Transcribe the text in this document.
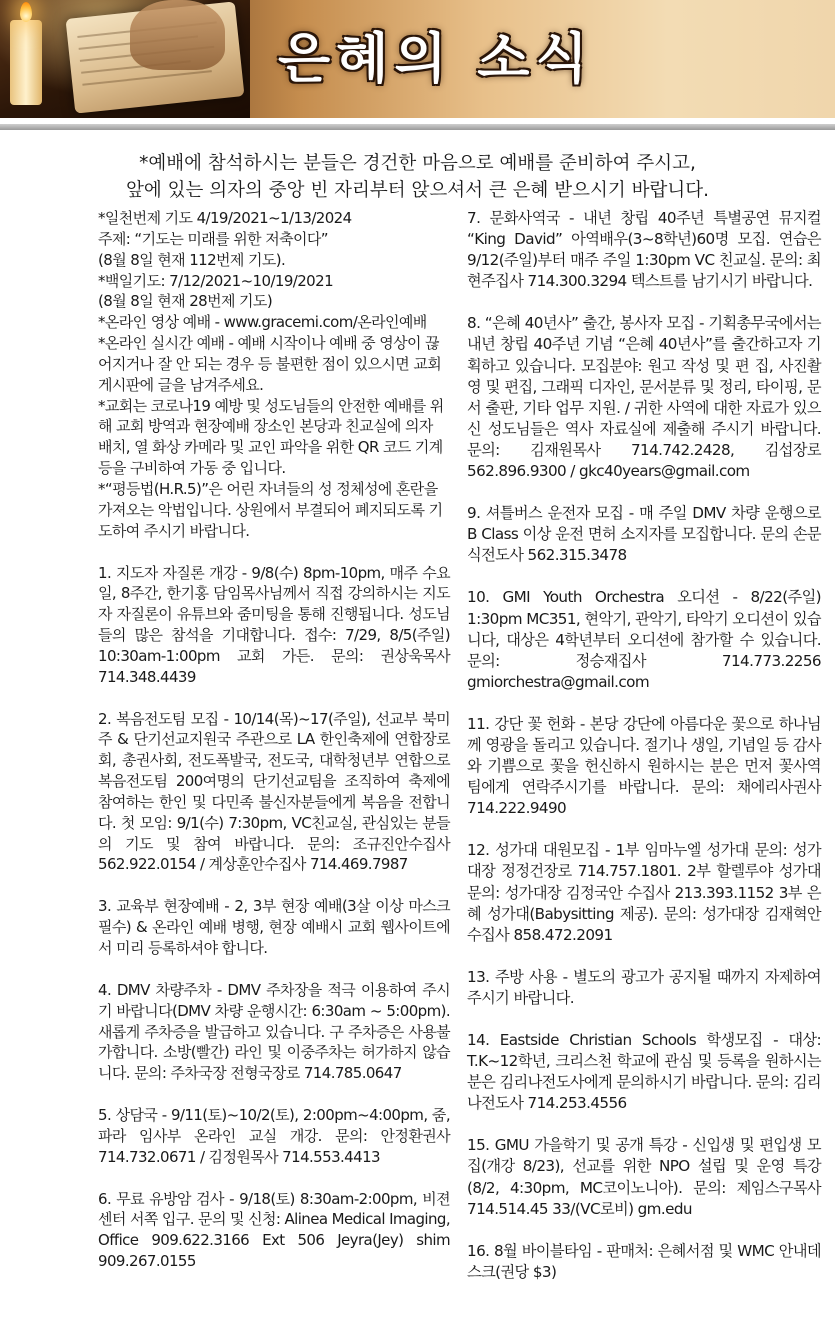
은혜의 소식
*예배에 참석하시는 분들은 경건한 마음으로 예배를 준비하여 주시고,
앞에 있는 의자의 중앙 빈 자리부터 앉으셔서 큰 은혜 받으시기 바랍니다.
*일천번제 기도 4/19/2021~1/13/2024
주제: “기도는 미래를 위한 저축이다”
(8월 8일 현재 112번제 기도).
*백일기도: 7/12/2021~10/19/2021
(8월 8일 현재 28번제 기도)
*온라인 영상 예배 - www.gracemi.com/온라인예배
*온라인 실시간 예배 - 예배 시작이나 예배 중 영상이 끊어지거나 잘 안 되는 경우 등 불편한 점이 있으시면 교회 게시판에 글을 남겨주세요.
*교회는 코로나19 예방 및 성도님들의 안전한 예배를 위해 교회 방역과 현장예배 장소인 본당과 친교실에 의자 배치, 열 화상 카메라 및 교인 파악을 위한 QR 코드 기계 등을 구비하여 가동 중 입니다.
*“평등법(H.R.5)”은 어린 자녀들의 성 정체성에 혼란을 가져오는 악법입니다. 상원에서 부결되어 폐지되도록 기도하여 주시기 바랍니다.

1. 지도자 자질론 개강 - 9/8(수) 8pm-10pm, 매주 수요일, 8주간, 한기홍 담임목사님께서 직접 강의하시는 지도자 자질론이 유튜브와 줌미팅을 통해 진행됩니다. 성도님들의 많은 참석을 기대합니다. 접수: 7/29, 8/5(주일) 10:30am-1:00pm 교회 가든. 문의: 권상욱목사 714.348.4439

2. 복음전도팀 모집 - 10/14(목)~17(주일), 선교부 북미주 & 단기선교지원국 주관으로 LA 한인축제에 연합장로회, 총권사회, 전도폭발국, 전도국, 대학청년부 연합으로 복음전도팀 200여명의 단기선교팀을 조직하여 축제에 참여하는 한인 및 다민족 불신자분들에게 복음을 전합니다. 첫 모임: 9/1(수) 7:30pm, VC친교실, 관심있는 분들의 기도 및 참여 바랍니다. 문의: 조규진안수집사 562.922.0154 / 계상훈안수집사 714.469.7987

3. 교육부 현장예배 - 2, 3부 현장 예배(3살 이상 마스크 필수) & 온라인 예배 병행, 현장 예배시 교회 웹사이트에서 미리 등록하셔야 합니다.

4. DMV 차량주차 - DMV 주차장을 적극 이용하여 주시기 바랍니다(DMV 차량 운행시간: 6:30am ~ 5:00pm). 새롭게 주차증을 발급하고 있습니다. 구 주차증은 사용불가합니다. 소방(빨간) 라인 및 이중주차는 허가하지 않습니다. 문의: 주차국장 전형국장로 714.785.0647

5. 상담국 - 9/11(토)~10/2(토), 2:00pm~4:00pm, 줌, 파라 임사부 온라인 교실 개강. 문의: 안정환권사 714.732.0671 / 김정원목사 714.553.4413

6. 무료 유방암 검사 - 9/18(토) 8:30am-2:00pm, 비젼센터 서쪽 입구. 문의 및 신청: Alinea Medical Imaging, Office 909.622.3166 Ext 506 Jeyra(Jey) shim 909.267.0155

7. 문화사역국 - 내년 창립 40주년 특별공연 뮤지컬 “King David” 아역배우(3~8학년)60명 모집. 연습은 9/12(주일)부터 매주 주일 1:30pm VC 친교실. 문의: 최현주집사 714.300.3294 텍스트를 남기시기 바랍니다.

8. “은혜 40년사” 출간, 봉사자 모집 - 기획총무국에서는 내년 창립 40주년 기념 “은혜 40년사”를 출간하고자 기획하고 있습니다. 모집분야: 원고 작성 및 편 집, 사진촬영 및 편집, 그래픽 디자인, 문서분류 및 정리, 타이핑, 문서 출판, 기타 업무 지원. / 귀한 사역에 대한 자료가 있으신 성도님들은 역사 자료실에 제출해 주시기 바랍니다. 문의: 김재원목사 714.742.2428, 김섭장로 562.896.9300 / gkc40years@gmail.com

9. 셔틀버스 운전자 모집 - 매 주일 DMV 차량 운행으로 B Class 이상 운전 면허 소지자를 모집합니다. 문의 손문식전도사 562.315.3478

10. GMI Youth Orchestra 오디션 - 8/22(주일) 1:30pm MC351, 현악기, 관악기, 타악기 오디션이 있습니다, 대상은 4학년부터 오디션에 참가할 수 있습니다. 문의: 정승재집사 714.773.2256 gmiorchestra@gmail.com

11. 강단 꽃 헌화 - 본당 강단에 아름다운 꽃으로 하나님께 영광을 돌리고 있습니다. 절기나 생일, 기념일 등 감사와 기쁨으로 꽃을 헌신하시 원하시는 분은 먼저 꽃사역 팀에게 연락주시기를 바랍니다. 문의: 채에리사권사 714.222.9490

12. 성가대 대원모집 - 1부 임마누엘 성가대 문의: 성가대장 정정건장로 714.757.1801. 2부 할렐루야 성가대 문의: 성가대장 김정국안 수집사 213.393.1152 3부 은혜 성가대(Babysitting 제공). 문의: 성가대장 김재혁안수집사 858.472.2091

13. 주방 사용 - 별도의 광고가 공지될 때까지 자제하여 주시기 바랍니다.

14. Eastside Christian Schools 학생모집 - 대상: T.K~12학년, 크리스천 학교에 관심 및 등록을 원하시는 분은 김리나전도사에게 문의하시기 바랍니다. 문의: 김리나전도사 714.253.4556

15. GMU 가을학기 및 공개 특강 - 신입생 및 편입생 모집(개강 8/23), 선교를 위한 NPO 설립 및 운영 특강(8/2, 4:30pm, MC코이노니아). 문의: 제임스구목사 714.514.45 33/(VC로비) gm.edu

16. 8월 바이블타임 - 판매처: 은혜서점 및 WMC 안내데스크(권당 $3)
